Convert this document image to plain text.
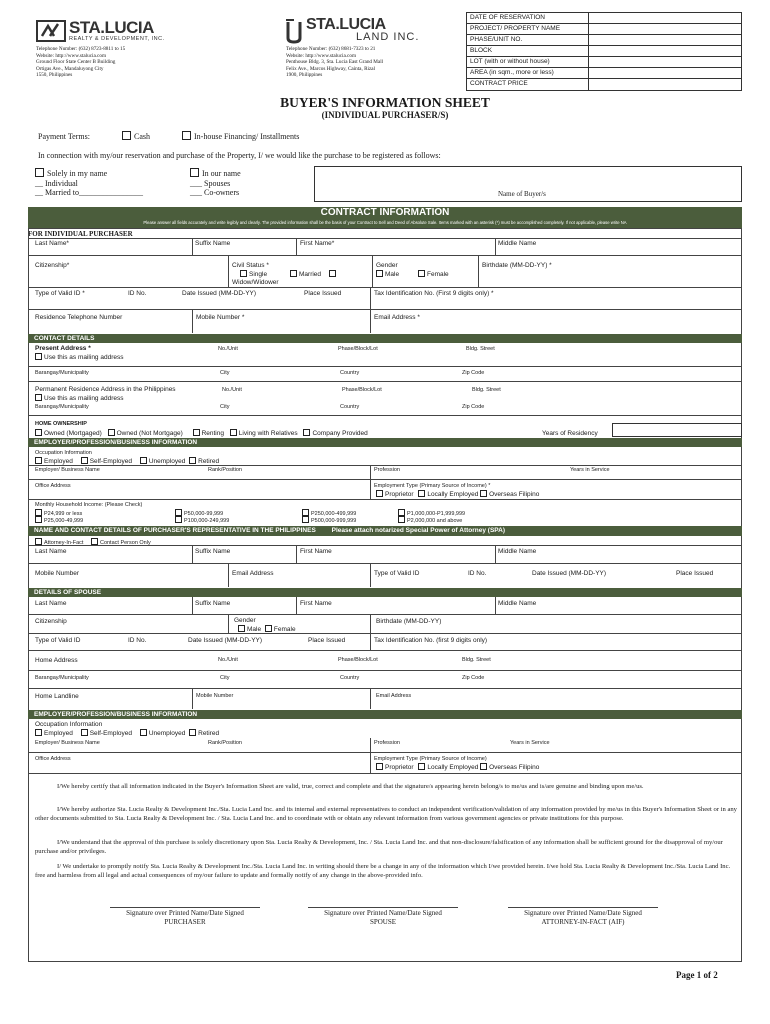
STA.LUCIA
REALTY & DEVELOPMENT, INC.
Telephone Number: (632) 8723-8811 to 15
Website: http://www.stalucia.com
Ground Floor State Center B Building
Ortigas Ave., Mandaluyong City
1550, Philippines
STA.LUCIA
LAND INC.
Telephone Number: (632) 8681-7323 to 21
Website: http://www.stalucia.com
Penthouse Bldg. 3, Sta. Lucia East Grand Mall
Felix Ave., Marcos Highway, Cainta, Rizal
1900, Philippines
DATE OF RESERVATION
PROJECT/ PROPERTY NAME
PHASE/UNIT NO.
BLOCK
LOT (with or without house)
AREA (in sqm., more or less)
CONTRACT PRICE
BUYER'S INFORMATION SHEET
(INDIVIDUAL PURCHASER/S)
Payment Terms:	Cash	In-house Financing/ Installments
In connection with my/our reservation and purchase of the Property, I/ we would like the purchase to be registered as follows:
Solely in my name
__ Individual
__ Married to________________
In our name
___ Spouses
___ Co-owners	Name of Buyer/s
CONTRACT INFORMATION
Please answer all fields accurately and write legibly and clearly. The provided information shall be the basis of your Contract to Sell and Deed of Absolute Sale. Items marked with an asterisk (*) must be accomplished completely. If not applicable, please write NA
FOR INDIVIDUAL PURCHASER
Last Name*	Suffix Name	First Name*	Middle Name
Citizenship*	Civil Status *
Single	Married
Widow/Widower
Gender
Male	Female
Birthdate (MM-DD-YY) *
Type of Valid ID *	ID No.	Date Issued (MM-DD-YY)	Place Issued	Tax Identification No. (First 9 digits only) *
Residence Telephone Number	Mobile Number *	Email Address *
CONTACT DETAILS
Present Address *
Use this as mailing address
No./Unit	Phase/Block/Lot	Bldg. Street
Barangay/Municipality	City	Country	Zip Code
Permanent Residence Address in the Philippines
Use this as mailing address
No./Unit	Phase/Block/Lot	Bldg. Street
Barangay/Municipality	City	Country	Zip Code
HOME OWNERSHIP
Owned (Mortgaged) Owned (Not Mortgage)	Renting Living with Relatives Company Provided	Years of Residency
EMPLOYER/PROFESSION/BUSINESS INFORMATION
Occupation Information
Employed	Self-Employed	Unemployed Retired
Employer/ Business Name	Rank/Position	Profession	Years in Service
Office Address	Employment Type (Primary Source of Income) *
Proprietor Locally Employed Overseas Filipino
Monthly Household Income: (Please Check)
P24,999 or less
P25,000-49,999
P50,000-99,999
P100,000-249,999
P250,000-499,999
P500,000-999,999
P1,000,000-P1,999,999
P2,000,000 and above
NAME AND CONTACT DETAILS OF PURCHASER'S REPRESENTATIVE IN THE PHILIPPINES Please attach notarized Special Power of Attorney (SPA)
Attorney-In-Fact	Contact Person Only
Last Name	Suffix Name	First Name	Middle Name
Mobile Number	Email Address	Type of Valid ID	ID No.	Date Issued (MM-DD-YY)	Place Issued
DETAILS OF SPOUSE
Last Name	Suffix Name	First Name	Middle Name
Citizenship	Gender
Male Female
Birthdate (MM-DD-YY)
Type of Valid ID	ID No.	Date Issued (MM-DD-YY)	Place Issued	Tax Identification No. (first 9 digits only)
Home Address	No./Unit	Phase/Block/Lot	Bldg. Street
Barangay/Municipality	City	Country	Zip Code
Home Landline	Mobile Number	Email Address
EMPLOYER/PROFESSION/BUSINESS INFORMATION
Occupation Information
Employed	Self-Employed	Unemployed Retired
Employer/ Business Name	Rank/Position	Profession	Years in Service
Office Address	Employment Type (Primary Source of Income)
Proprietor Locally Employed Overseas Filipino
I/We hereby certify that all information indicated in the Buyer's Information Sheet are valid, true, correct and complete and that the signature/s appearing herein belong/s to me/us and is/are genuine and binding upon me/us.
I/We hereby authorize Sta. Lucia Realty & Development Inc./Sta. Lucia Land Inc. and its internal and external representatives to conduct an independent verification/validation of any information provided by me/us in this Buyer's Information Sheet or in any other documents submitted to Sta. Lucia Realty & Development Inc. / Sta. Lucia Land Inc. and to coordinate with or obtain any relevant information from various government agencies or private institutions for this purpose.
I/We understand that the approval of this purchase is solely discretionary upon Sta. Lucia Realty & Development, Inc. / Sta. Lucia Land Inc. and that non-disclosure/falsification of any information shall be sufficient ground for the disapproval of my/our purchase and/or privileges.
I/ We undertake to promptly notify Sta. Lucia Realty & Development Inc./Sta. Lucia Land Inc. in writing should there be a change in any of the information which I/we provided herein. I/we hold Sta. Lucia Realty & Development Inc./Sta. Lucia Land Inc. free and harmless from all legal and actual consequences of my/our failure to update and formally notify of any change in the above-provided info.
Signature over Printed Name/Date Signed
PURCHASER
Signature over Printed Name/Date Signed
SPOUSE
Signature over Printed Name/Date Signed
ATTORNEY-IN-FACT (AIF)
Page 1 of 2
